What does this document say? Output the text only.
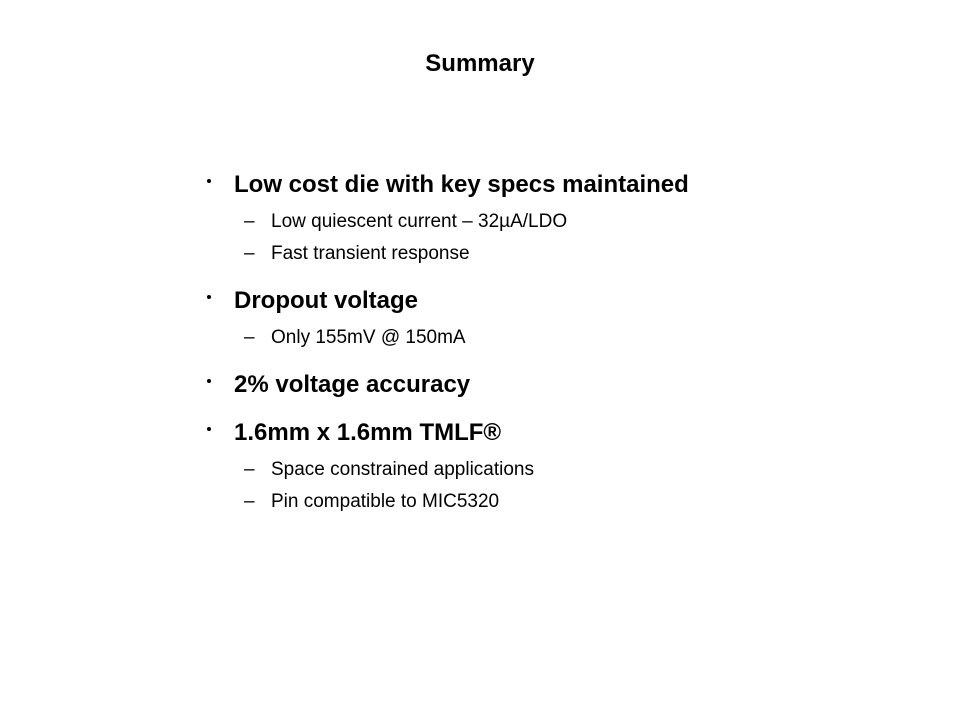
Summary
Low cost die with key specs maintained
– Low quiescent current – 32µA/LDO
– Fast transient response
Dropout voltage
– Only 155mV @ 150mA
2% voltage accuracy
1.6mm x 1.6mm TMLF®
– Space constrained applications
– Pin compatible to MIC5320
